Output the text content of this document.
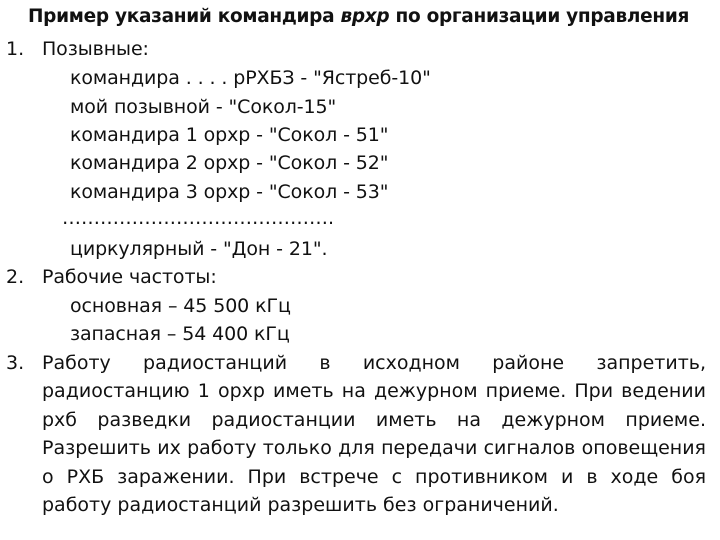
Пример указаний командира врхр по организации управления
1. Позывные:
командира . . . . рРХБЗ - "Ястреб-10"
мой позывной - "Сокол-15"
командира 1 орхр - "Сокол - 51"
командира 2 орхр - "Сокол - 52"
командира 3 орхр - "Сокол - 53"
…………………………………….
циркулярный - "Дон - 21".
2. Рабочие частоты:
основная – 45 500 кГц
запасная – 54 400 кГц
3. Работу радиостанций в исходном районе запретить,
радиостанцию 1 орхр иметь на дежурном приеме. При ведении
рхб разведки радиостанции иметь на дежурном приеме.
Разрешить их работу только для передачи сигналов оповещения
о РХБ заражении. При встрече с противником и в ходе боя
работу радиостанций разрешить без ограничений.
